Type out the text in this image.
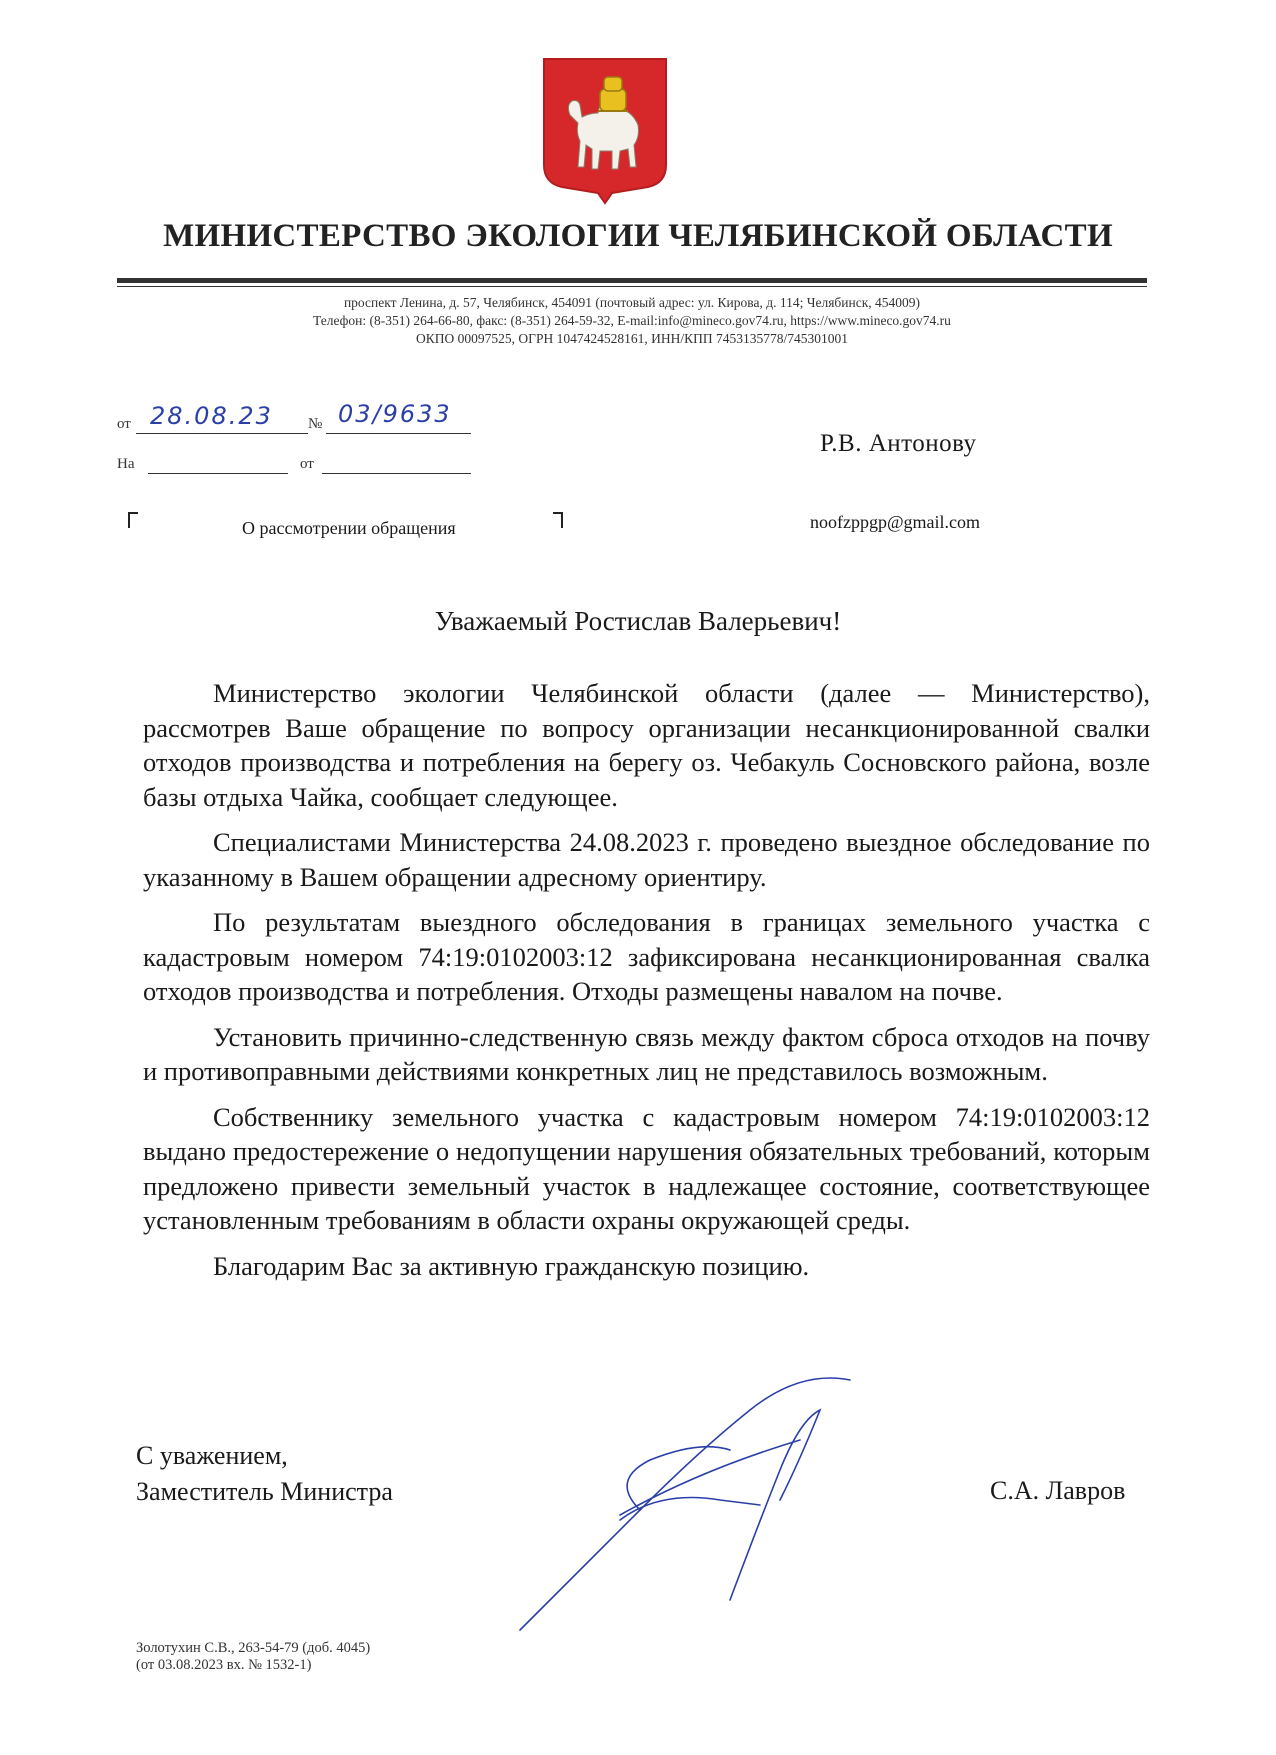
МИНИСТЕРСТВО ЭКОЛОГИИ ЧЕЛЯБИНСКОЙ ОБЛАСТИ
проспект Ленина, д. 57, Челябинск, 454091 (почтовый адрес: ул. Кирова, д. 114; Челябинск, 454009)
Телефон: (8-351) 264-66-80, факс: (8-351) 264-59-32, E-mail:info@mineco.gov74.ru, https://www.mineco.gov74.ru
ОКПО 00097525, ОГРН 1047424528161, ИНН/КПП 7453135778/745301001
от 28.08.23 № 03/9633
На	от
Р.В. Антонову
noofzppgp@gmail.com
О рассмотрении обращения
Уважаемый Ростислав Валерьевич!

Министерство экологии Челябинской области (далее — Министерство), рассмотрев Ваше обращение по вопросу организации несанкционированной свалки отходов производства и потребления на берегу оз. Чебакуль Сосновского района, возле базы отдыха Чайка, сообщает следующее.

Специалистами Министерства 24.08.2023 г. проведено выездное обследование по указанному в Вашем обращении адресному ориентиру.

По результатам выездного обследования в границах земельного участка с кадастровым номером 74:19:0102003:12 зафиксирована несанкционированная свалка отходов производства и потребления. Отходы размещены навалом на почве.

Установить причинно-следственную связь между фактом сброса отходов на почву и противоправными действиями конкретных лиц не представилось возможным.

Собственнику земельного участка с кадастровым номером 74:19:0102003:12 выдано предостережение о недопущении нарушения обязательных требований, которым предложено привести земельный участок в надлежащее состояние, соответствующее установленным требованиям в области охраны окружающей среды.

Благодарим Вас за активную гражданскую позицию.

С уважением,
Заместитель Министра	С.А. Лавров
Золотухин С.В., 263-54-79 (доб. 4045)
(от 03.08.2023 вх. № 1532-1)
